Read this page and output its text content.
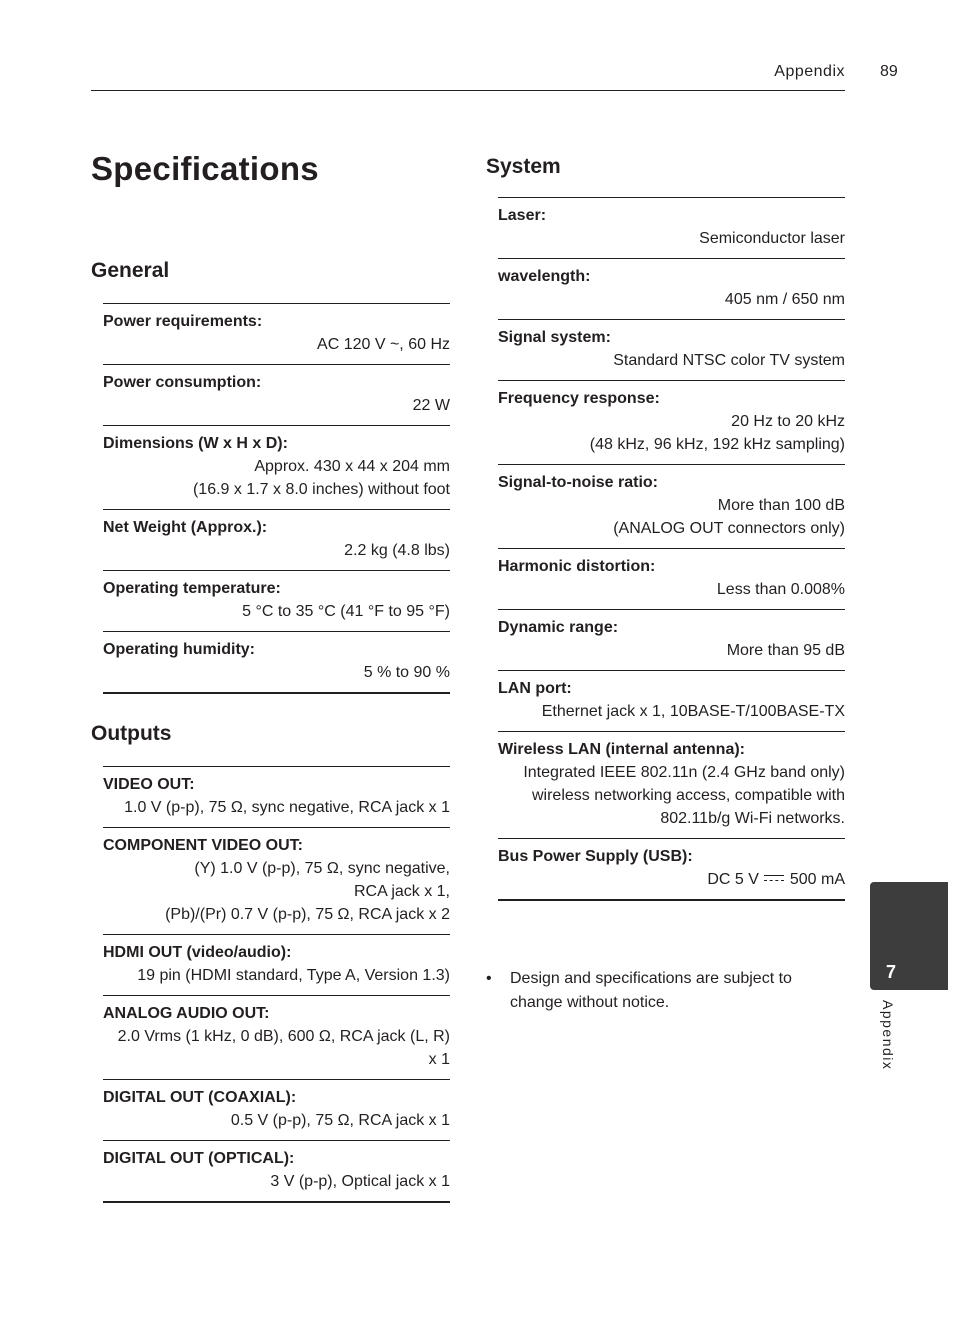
Appendix 89
Specifications
General
Power requirements:
AC 120 V ~, 60 Hz
Power consumption:
22 W
Dimensions (W x H x D):
Approx. 430 x 44 x 204 mm
(16.9 x 1.7 x 8.0 inches) without foot
Net Weight (Approx.):
2.2 kg (4.8 lbs)
Operating temperature:
5 °C to 35 °C (41 °F to 95 °F)
Operating humidity:
5 % to 90 %
Outputs
VIDEO OUT:
1.0 V (p-p), 75 Ω, sync negative, RCA jack x 1
COMPONENT VIDEO OUT:
(Y) 1.0 V (p-p), 75 Ω, sync negative,
RCA jack x 1,
(Pb)/(Pr) 0.7 V (p-p), 75 Ω, RCA jack x 2
HDMI OUT (video/audio):
19 pin (HDMI standard, Type A, Version 1.3)
ANALOG AUDIO OUT:
2.0 Vrms (1 kHz, 0 dB), 600 Ω, RCA jack (L, R)
x 1
DIGITAL OUT (COAXIAL):
0.5 V (p-p), 75 Ω, RCA jack x 1
DIGITAL OUT (OPTICAL):
3 V (p-p), Optical jack x 1
System
Laser:
Semiconductor laser
wavelength:
405 nm / 650 nm
Signal system:
Standard NTSC color TV system
Frequency response:
20 Hz to 20 kHz
(48 kHz, 96 kHz, 192 kHz sampling)
Signal-to-noise ratio:
More than 100 dB
(ANALOG OUT connectors only)
Harmonic distortion:
Less than 0.008%
Dynamic range:
More than 95 dB
LAN port:
Ethernet jack x 1, 10BASE-T/100BASE-TX
Wireless LAN (internal antenna):
Integrated IEEE 802.11n (2.4 GHz band only)
wireless networking access, compatible with
802.11b/g Wi-Fi networks.
Bus Power Supply (USB):
DC 5 V 500 mA
• Design and specifications are subject to change without notice.
7
Appendix
